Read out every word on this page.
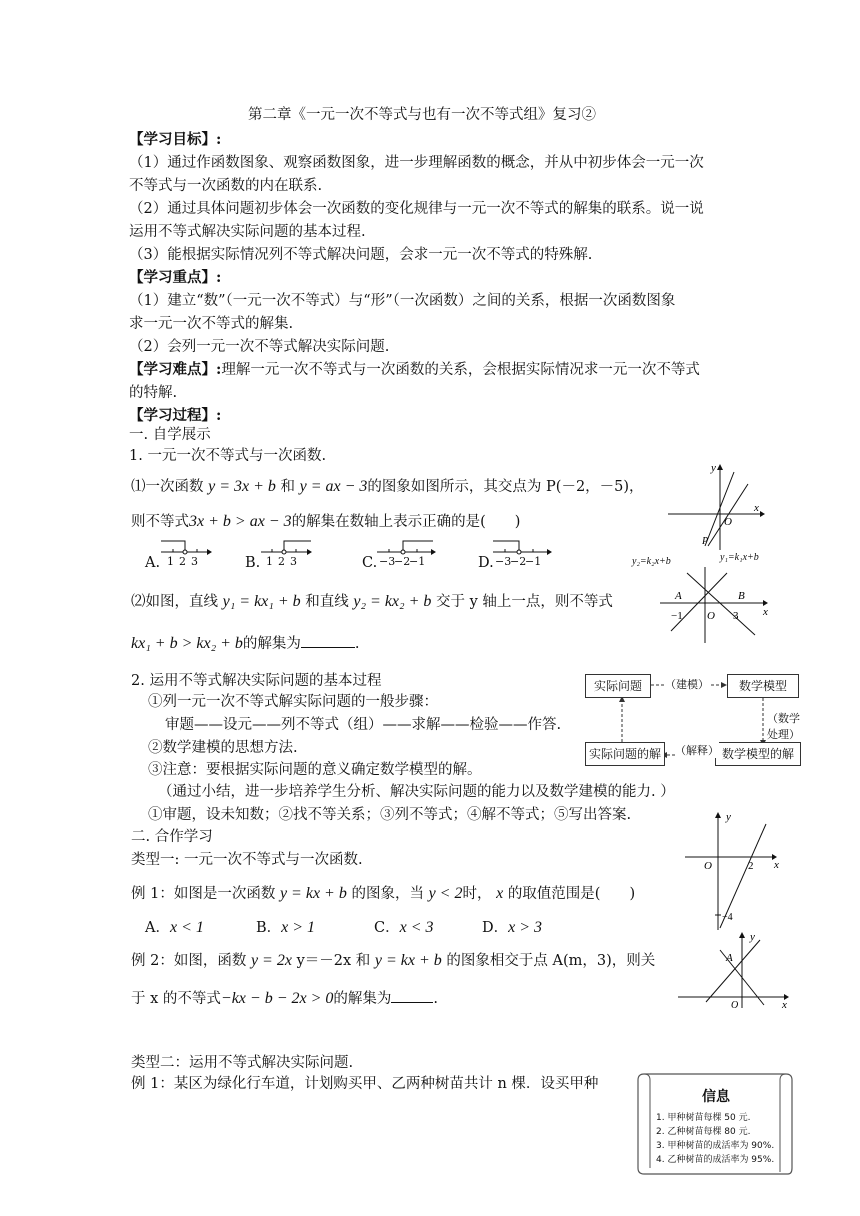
第二章《一元一次不等式与也有一次不等式组》复习②
【学习目标】:
（1）通过作函数图象、观察函数图象，进一步理解函数的概念，并从中初步体会一元一次
不等式与一次函数的内在联系.
（2）通过具体问题初步体会一次函数的变化规律与一元一次不等式的解集的联系。说一说
运用不等式解决实际问题的基本过程.
（3）能根据实际情况列不等式解决问题，会求一元一次不等式的特殊解.
【学习重点】:
（1）建立“数”（一元一次不等式）与“形”（一次函数）之间的关系，根据一次函数图象
求一元一次不等式的解集.
（2）会列一元一次不等式解决实际问题.
【学习难点】:理解一元一次不等式与一次函数的关系，会根据实际情况求一元一次不等式
的特解.
【学习过程】:
一. 自学展示
1. 一元一次不等式与一次函数.
⑴一次函数 y = 3x + b 和 y = ax − 3的图象如图所示，其交点为 P(－2，－5)，
则不等式3x + b > ax − 3的解集在数轴上表示正确的是(　　)
A.	B.	C.	D.
1 2 3	1 2 3	−3
−2
−1	−3
−2
−1
y
x
O
P
y₂=k₂x+b	y₁=k₁x+b
A	B
−1 O 3 x
⑵如图，直线 y₁ = kx₁ + b 和直线 y₂ = kx₂ + b 交于 y 轴上一点，则不等式
kx₁ + b > kx₂ + b的解集为	.
2. 运用不等式解决实际问题的基本过程
①列一元一次不等式解实际问题的一般步骤：
审题——设元——列不等式（组）——求解——检验——作答.
②数学建模的思想方法.
③注意：要根据实际问题的意义确定数学模型的解。
（通过小结，进一步培养学生分析、解决实际问题的能力以及数学建模的能力. ）
①审题，设未知数；②找不等关系；③列不等式；④解不等式；⑤写出答案.
实际问题	数学模型
实际问题的解	数学模型的解
（建模）
（数学处理）
（解释）
二. 合作学习
类型一: 一元一次不等式与一次函数.
y
x
O	2
−4
例 1：如图是一次函数 y = kx + b 的图象，当 y < 2时， x 的取值范围是(　　)
A．x < 1	B．x > 1	C．x < 3	D．x > 3
y
x
A
O
例 2：如图，函数 y = 2x y＝－2x 和 y = kx + b 的图象相交于点 A(m，3)，则关
于 x 的不等式−kx − b − 2x > 0的解集为	.
类型二：运用不等式解决实际问题.
例 1：某区为绿化行车道，计划购买甲、乙两种树苗共计 n 棵．设买甲种
信息
1. 甲种树苗每棵 50 元.
2. 乙种树苗每棵 80 元.
3. 甲种树苗的成活率为 90%.
4. 乙种树苗的成活率为 95%.
